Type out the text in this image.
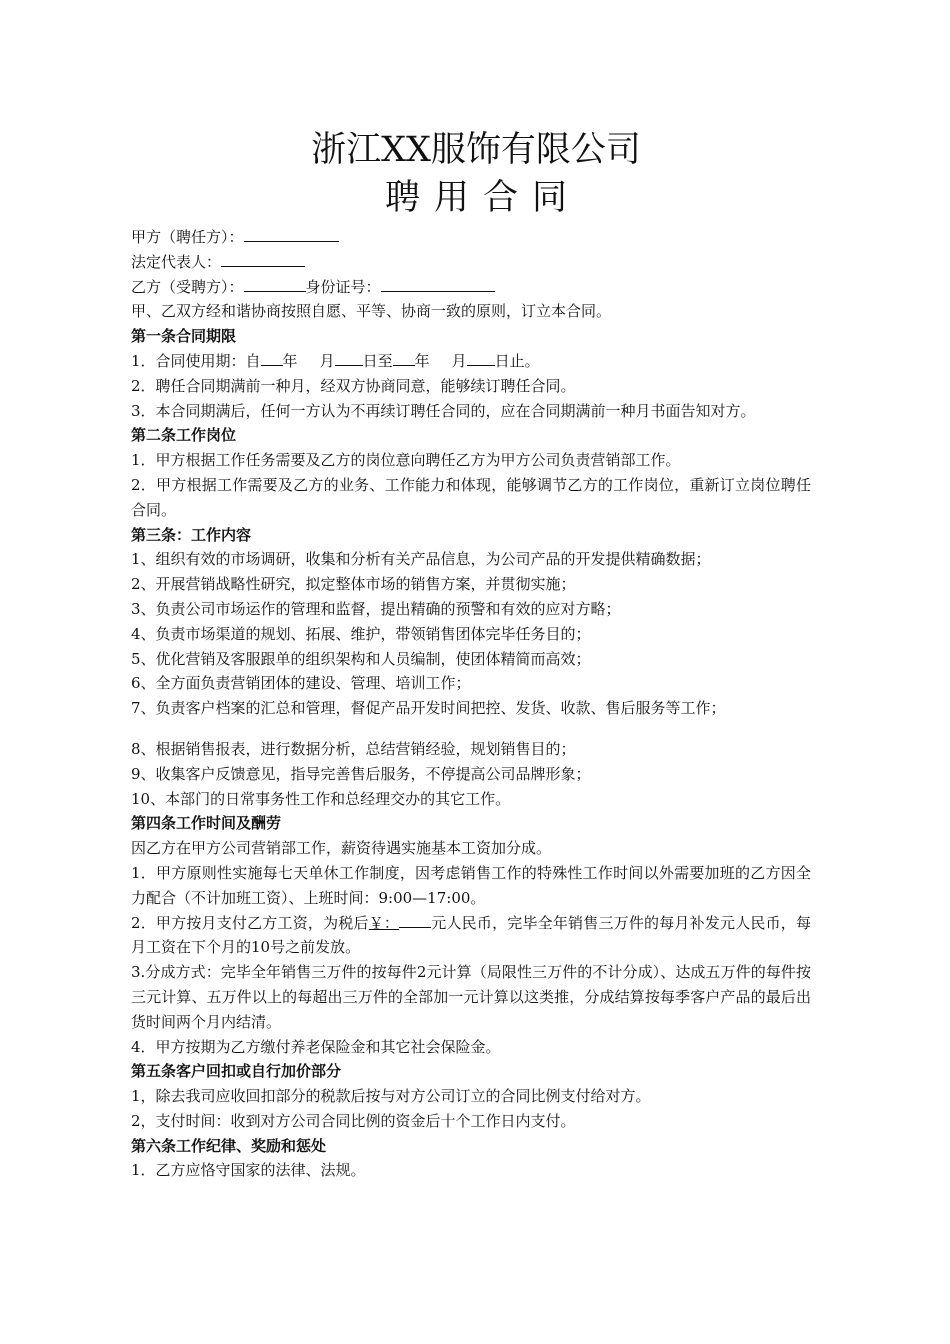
浙江XX服饰有限公司
聘用合同

甲方（聘任方）：

法定代表人：

乙方（受聘方）：	身份证号：

甲、乙双方经和谐协商按照自愿、平等、协商一致的原则，订立本合同。

第一条合同期限

1．合同使用期：自 年 月 日至 年 月 日止。

2．聘任合同期满前一种月，经双方协商同意，能够续订聘任合同。

3．本合同期满后，任何一方认为不再续订聘任合同的，应在合同期满前一种月书面告知对方。

第二条工作岗位

1．甲方根据工作任务需要及乙方的岗位意向聘任乙方为甲方公司负责营销部工作。

2．甲方根据工作需要及乙方的业务、工作能力和体现，能够调节乙方的工作岗位，重新订立岗位聘任合同。

第三条：工作内容

1、组织有效的市场调研，收集和分析有关产品信息，为公司产品的开发提供精确数据；

2、开展营销战略性研究，拟定整体市场的销售方案，并贯彻实施；

3、负责公司市场运作的管理和监督，提出精确的预警和有效的应对方略；

4、负责市场渠道的规划、拓展、维护，带领销售团体完毕任务目的；

5、优化营销及客服跟单的组织架构和人员编制，使团体精简而高效；

6、全方面负责营销团体的建设、管理、培训工作；

7、负责客户档案的汇总和管理，督促产品开发时间把控、发货、收款、售后服务等工作；

8、根据销售报表，进行数据分析，总结营销经验，规划销售目的；

9、收集客户反馈意见，指导完善售后服务，不停提高公司品牌形象；

10、本部门的日常事务性工作和总经理交办的其它工作。

第四条工作时间及酬劳

因乙方在甲方公司营销部工作，薪资待遇实施基本工资加分成。

1．甲方原则性实施每七天单休工作制度，因考虑销售工作的特殊性工作时间以外需要加班的乙方因全力配合（不计加班工资）、上班时间：9:00—17:00。

2．甲方按月支付乙方工资，为税后￥： 元人民币，完毕全年销售三万件的每月补发元人民币，每月工资在下个月的10号之前发放。

3.分成方式：完毕全年销售三万件的按每件2元计算（局限性三万件的不计分成）、达成五万件的每件按三元计算、五万件以上的每超出三万件的全部加一元计算以这类推，分成结算按每季客户产品的最后出货时间两个月内结清。

4．甲方按期为乙方缴付养老保险金和其它社会保险金。

第五条客户回扣或自行加价部分

1，除去我司应收回扣部分的税款后按与对方公司订立的合同比例支付给对方。

2，支付时间：收到对方公司合同比例的资金后十个工作日内支付。

第六条工作纪律、奖励和惩处

1．乙方应恪守国家的法律、法规。
